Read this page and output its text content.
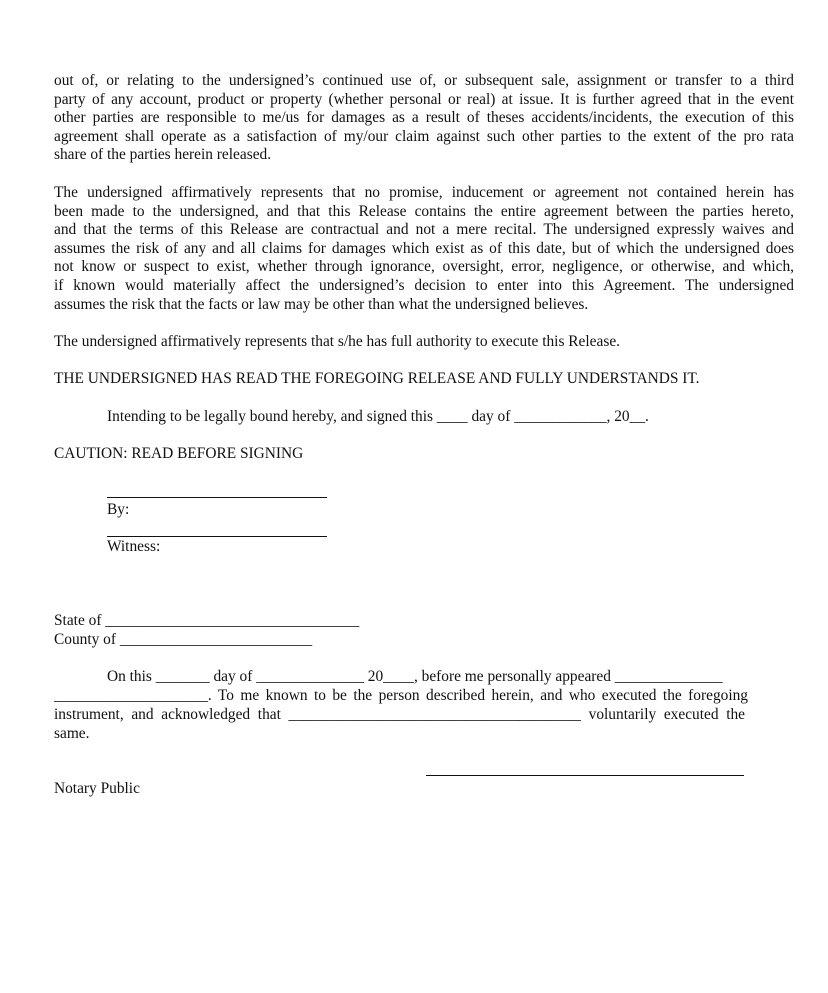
out of, or relating to the undersigned’s continued use of, or subsequent sale, assignment or transfer to a third
party of any account, product or property (whether personal or real) at issue. It is further agreed that in the event
other parties are responsible to me/us for damages as a result of theses accidents/incidents, the execution of this
agreement shall operate as a satisfaction of my/our claim against such other parties to the extent of the pro rata
share of the parties herein released.
The undersigned affirmatively represents that no promise, inducement or agreement not contained herein has
been made to the undersigned, and that this Release contains the entire agreement between the parties hereto,
and that the terms of this Release are contractual and not a mere recital. The undersigned expressly waives and
assumes the risk of any and all claims for damages which exist as of this date, but of which the undersigned does
not know or suspect to exist, whether through ignorance, oversight, error, negligence, or otherwise, and which,
if known would materially affect the undersigned’s decision to enter into this Agreement. The undersigned
assumes the risk that the facts or law may be other than what the undersigned believes.
The undersigned affirmatively represents that s/he has full authority to execute this Release.
THE UNDERSIGNED HAS READ THE FOREGOING RELEASE AND FULLY UNDERSTANDS IT.
Intending to be legally bound hereby, and signed this ____ day of ____________, 20__.
CAUTION: READ BEFORE SIGNING
By:
Witness:
State of _________________________________
County of _________________________
On this _______ day of ______________ 20____, before me personally appeared ______________
____________________. To me known to be the person described herein, and who executed the foregoing
instrument, and acknowledged that ______________________________________ voluntarily executed the
same.
Notary Public
